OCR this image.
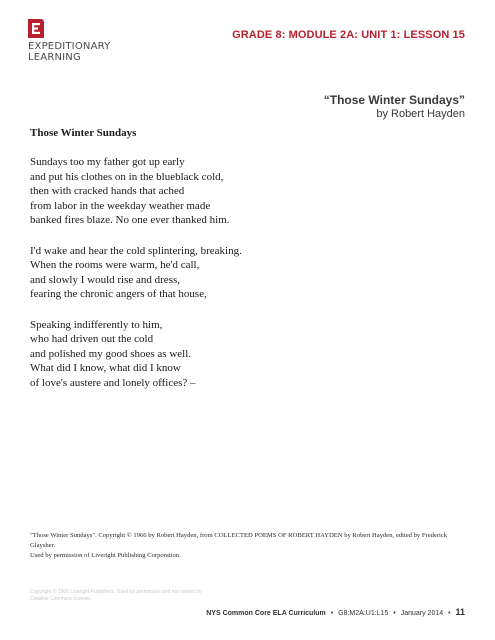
EXPEDITIONARY
LEARNING
GRADE 8: MODULE 2A: UNIT 1: LESSON 15
“Those Winter Sundays”
by Robert Hayden
Those Winter Sundays
Sundays too my father got up early
and put his clothes on in the blueblack cold,
then with cracked hands that ached
from labor in the weekday weather made
banked fires blaze. No one ever thanked him.
I'd wake and hear the cold splintering, breaking.
When the rooms were warm, he'd call,
and slowly I would rise and dress,
fearing the chronic angers of that house,
Speaking indifferently to him,
who had driven out the cold
and polished my good shoes as well.
What did I know, what did I know
of love's austere and lonely offices? –
"Those Winter Sundays". Copyright © 1966 by Robert Hayden, from COLLECTED POEMS OF ROBERT HAYDEN by Robert Hayden, edited by Frederick Glaysher.
Used by permission of Liveright Publishing Corporation.
Copyright © 1966 Liveright Publishers. Used by permission and not subject to
Creative Commons license.
NYS Common Core ELA Curriculum • G8:M2A:U1:L15 • January 2014 • 11
